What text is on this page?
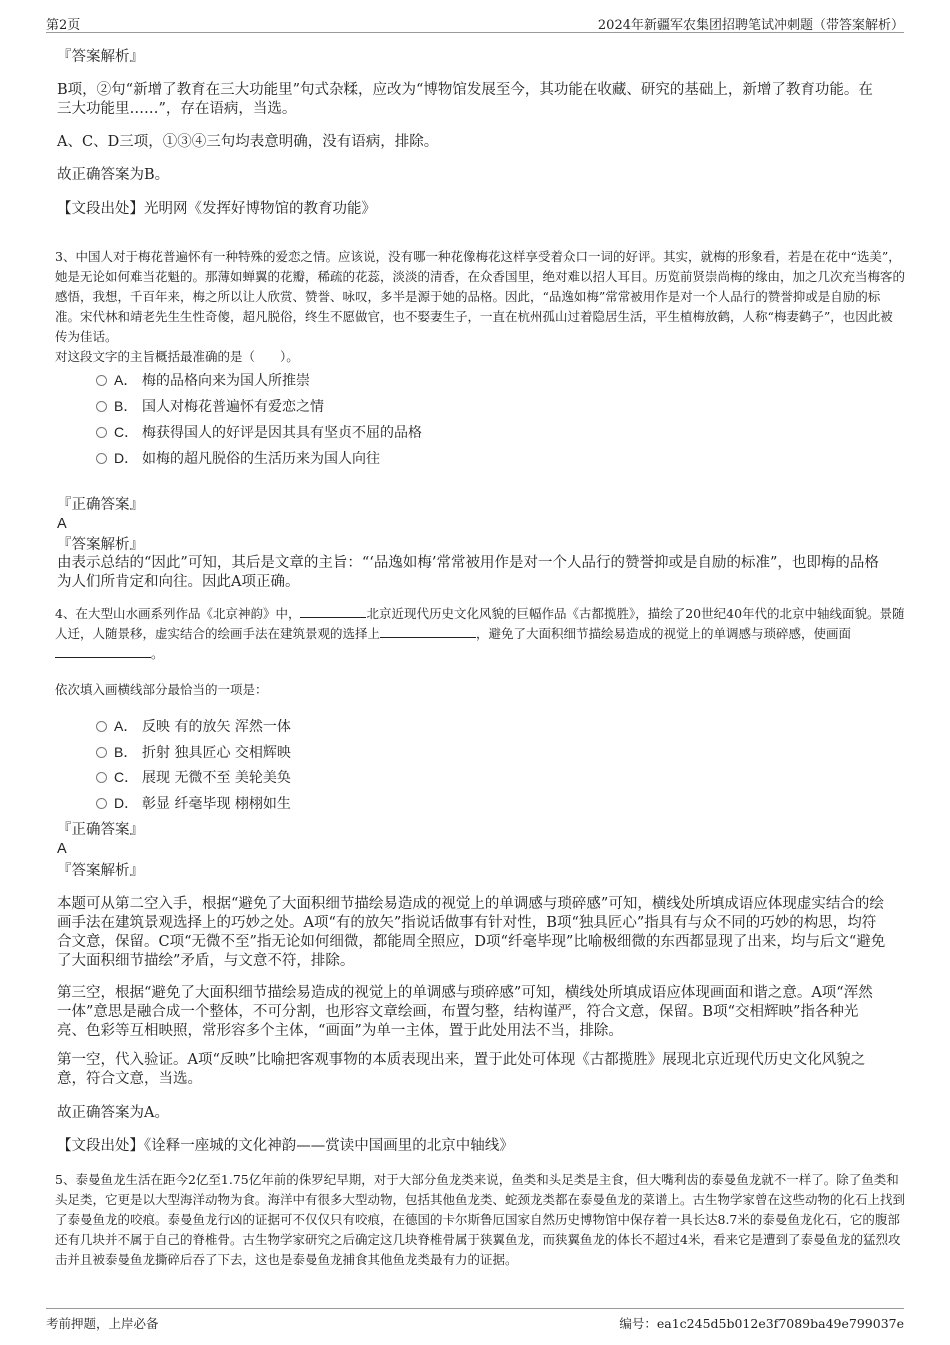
第2页	2024年新疆军农集团招聘笔试冲刺题（带答案解析）

『答案解析』

B项，②句“新增了教育在三大功能里”句式杂糅，应改为“博物馆发展至今，其功能在收藏、研究的基础上，新增了教育功能。在三大功能里……”，存在语病，当选。

A、C、D三项，①③④三句均表意明确，没有语病，排除。

故正确答案为B。

【文段出处】光明网《发挥好博物馆的教育功能》

3、中国人对于梅花普遍怀有一种特殊的爱恋之情。应该说，没有哪一种花像梅花这样享受着众口一词的好评。其实，就梅的形象看，若是在花中“选美”，她是无论如何难当花魁的。那薄如蝉翼的花瓣，稀疏的花蕊，淡淡的清香，在众香国里，绝对难以招人耳目。历览前贤崇尚梅的缘由，加之几次充当梅客的感悟，我想，千百年来，梅之所以让人欣赏、赞誉、咏叹，多半是源于她的品格。因此，“品逸如梅”常常被用作是对一个人品行的赞誉抑或是自励的标准。宋代林和靖老先生生性奇傻，超凡脱俗，终生不愿做官，也不娶妻生子，一直在杭州孤山过着隐居生活，平生植梅放鹤，人称“梅妻鹤子”，也因此被传为佳话。

对这段文字的主旨概括最准确的是（　　）。

A． 梅的品格向来为国人所推崇
B． 国人对梅花普遍怀有爱恋之情
C． 梅获得国人的好评是因其具有坚贞不屈的品格
D． 如梅的超凡脱俗的生活历来为国人向往

『正确答案』

A

『答案解析』

由表示总结的“因此”可知，其后是文章的主旨：“‘品逸如梅’常常被用作是对一个人品行的赞誉抑或是自励的标准”，也即梅的品格为人们所肯定和向往。因此A项正确。

4、在大型山水画系列作品《北京神韵》中，	北京近现代历史文化风貌的巨幅作品《古都揽胜》，描绘了20世纪40年代的北京中轴线面貌。景随人迁，人随景移，虚实结合的绘画手法在建筑景观的选择上	，避免了大面积细节描绘易造成的视觉上的单调感与琐碎感，使画面。

依次填入画横线部分最恰当的一项是：

A． 反映 有的放矢 浑然一体
B． 折射 独具匠心 交相辉映
C． 展现 无微不至 美轮美奂
D． 彰显 纤毫毕现 栩栩如生

『正确答案』

A

『答案解析』

本题可从第二空入手，根据“避免了大面积细节描绘易造成的视觉上的单调感与琐碎感”可知，横线处所填成语应体现虚实结合的绘画手法在建筑景观选择上的巧妙之处。A项“有的放矢”指说话做事有针对性，B项“独具匠心”指具有与众不同的巧妙的构思，均符合文意，保留。C项“无微不至”指无论如何细微，都能周全照应，D项“纤毫毕现”比喻极细微的东西都显现了出来，均与后文“避免了大面积细节描绘”矛盾，与文意不符，排除。

第三空，根据“避免了大面积细节描绘易造成的视觉上的单调感与琐碎感”可知，横线处所填成语应体现画面和谐之意。A项“浑然一体”意思是融合成一个整体，不可分割，也形容文章绘画，布置匀整，结构谨严，符合文意，保留。B项“交相辉映”指各种光亮、色彩等互相映照，常形容多个主体，“画面”为单一主体，置于此处用法不当，排除。

第一空，代入验证。A项“反映”比喻把客观事物的本质表现出来，置于此处可体现《古都揽胜》展现北京近现代历史文化风貌之意，符合文意，当选。

故正确答案为A。

【文段出处】《诠释一座城的文化神韵——赏读中国画里的北京中轴线》

5、泰曼鱼龙生活在距今2亿至1.75亿年前的侏罗纪早期，对于大部分鱼龙类来说，鱼类和头足类是主食，但大嘴利齿的泰曼鱼龙就不一样了。除了鱼类和头足类，它更是以大型海洋动物为食。海洋中有很多大型动物，包括其他鱼龙类、蛇颈龙类都在泰曼鱼龙的菜谱上。古生物学家曾在这些动物的化石上找到了泰曼鱼龙的咬痕。泰曼鱼龙行凶的证据可不仅仅只有咬痕，在德国的卡尔斯鲁厄国家自然历史博物馆中保存着一具长达8.7米的泰曼鱼龙化石，它的腹部还有几块并不属于自己的脊椎骨。古生物学家研究之后确定这几块脊椎骨属于狭翼鱼龙，而狭翼鱼龙的体长不超过4米，看来它是遭到了泰曼鱼龙的猛烈攻击并且被泰曼鱼龙撕碎后吞了下去，这也是泰曼鱼龙捕食其他鱼龙类最有力的证据。

考前押题，上岸必备	编号：ea1c245d5b012e3f7089ba49e799037e
